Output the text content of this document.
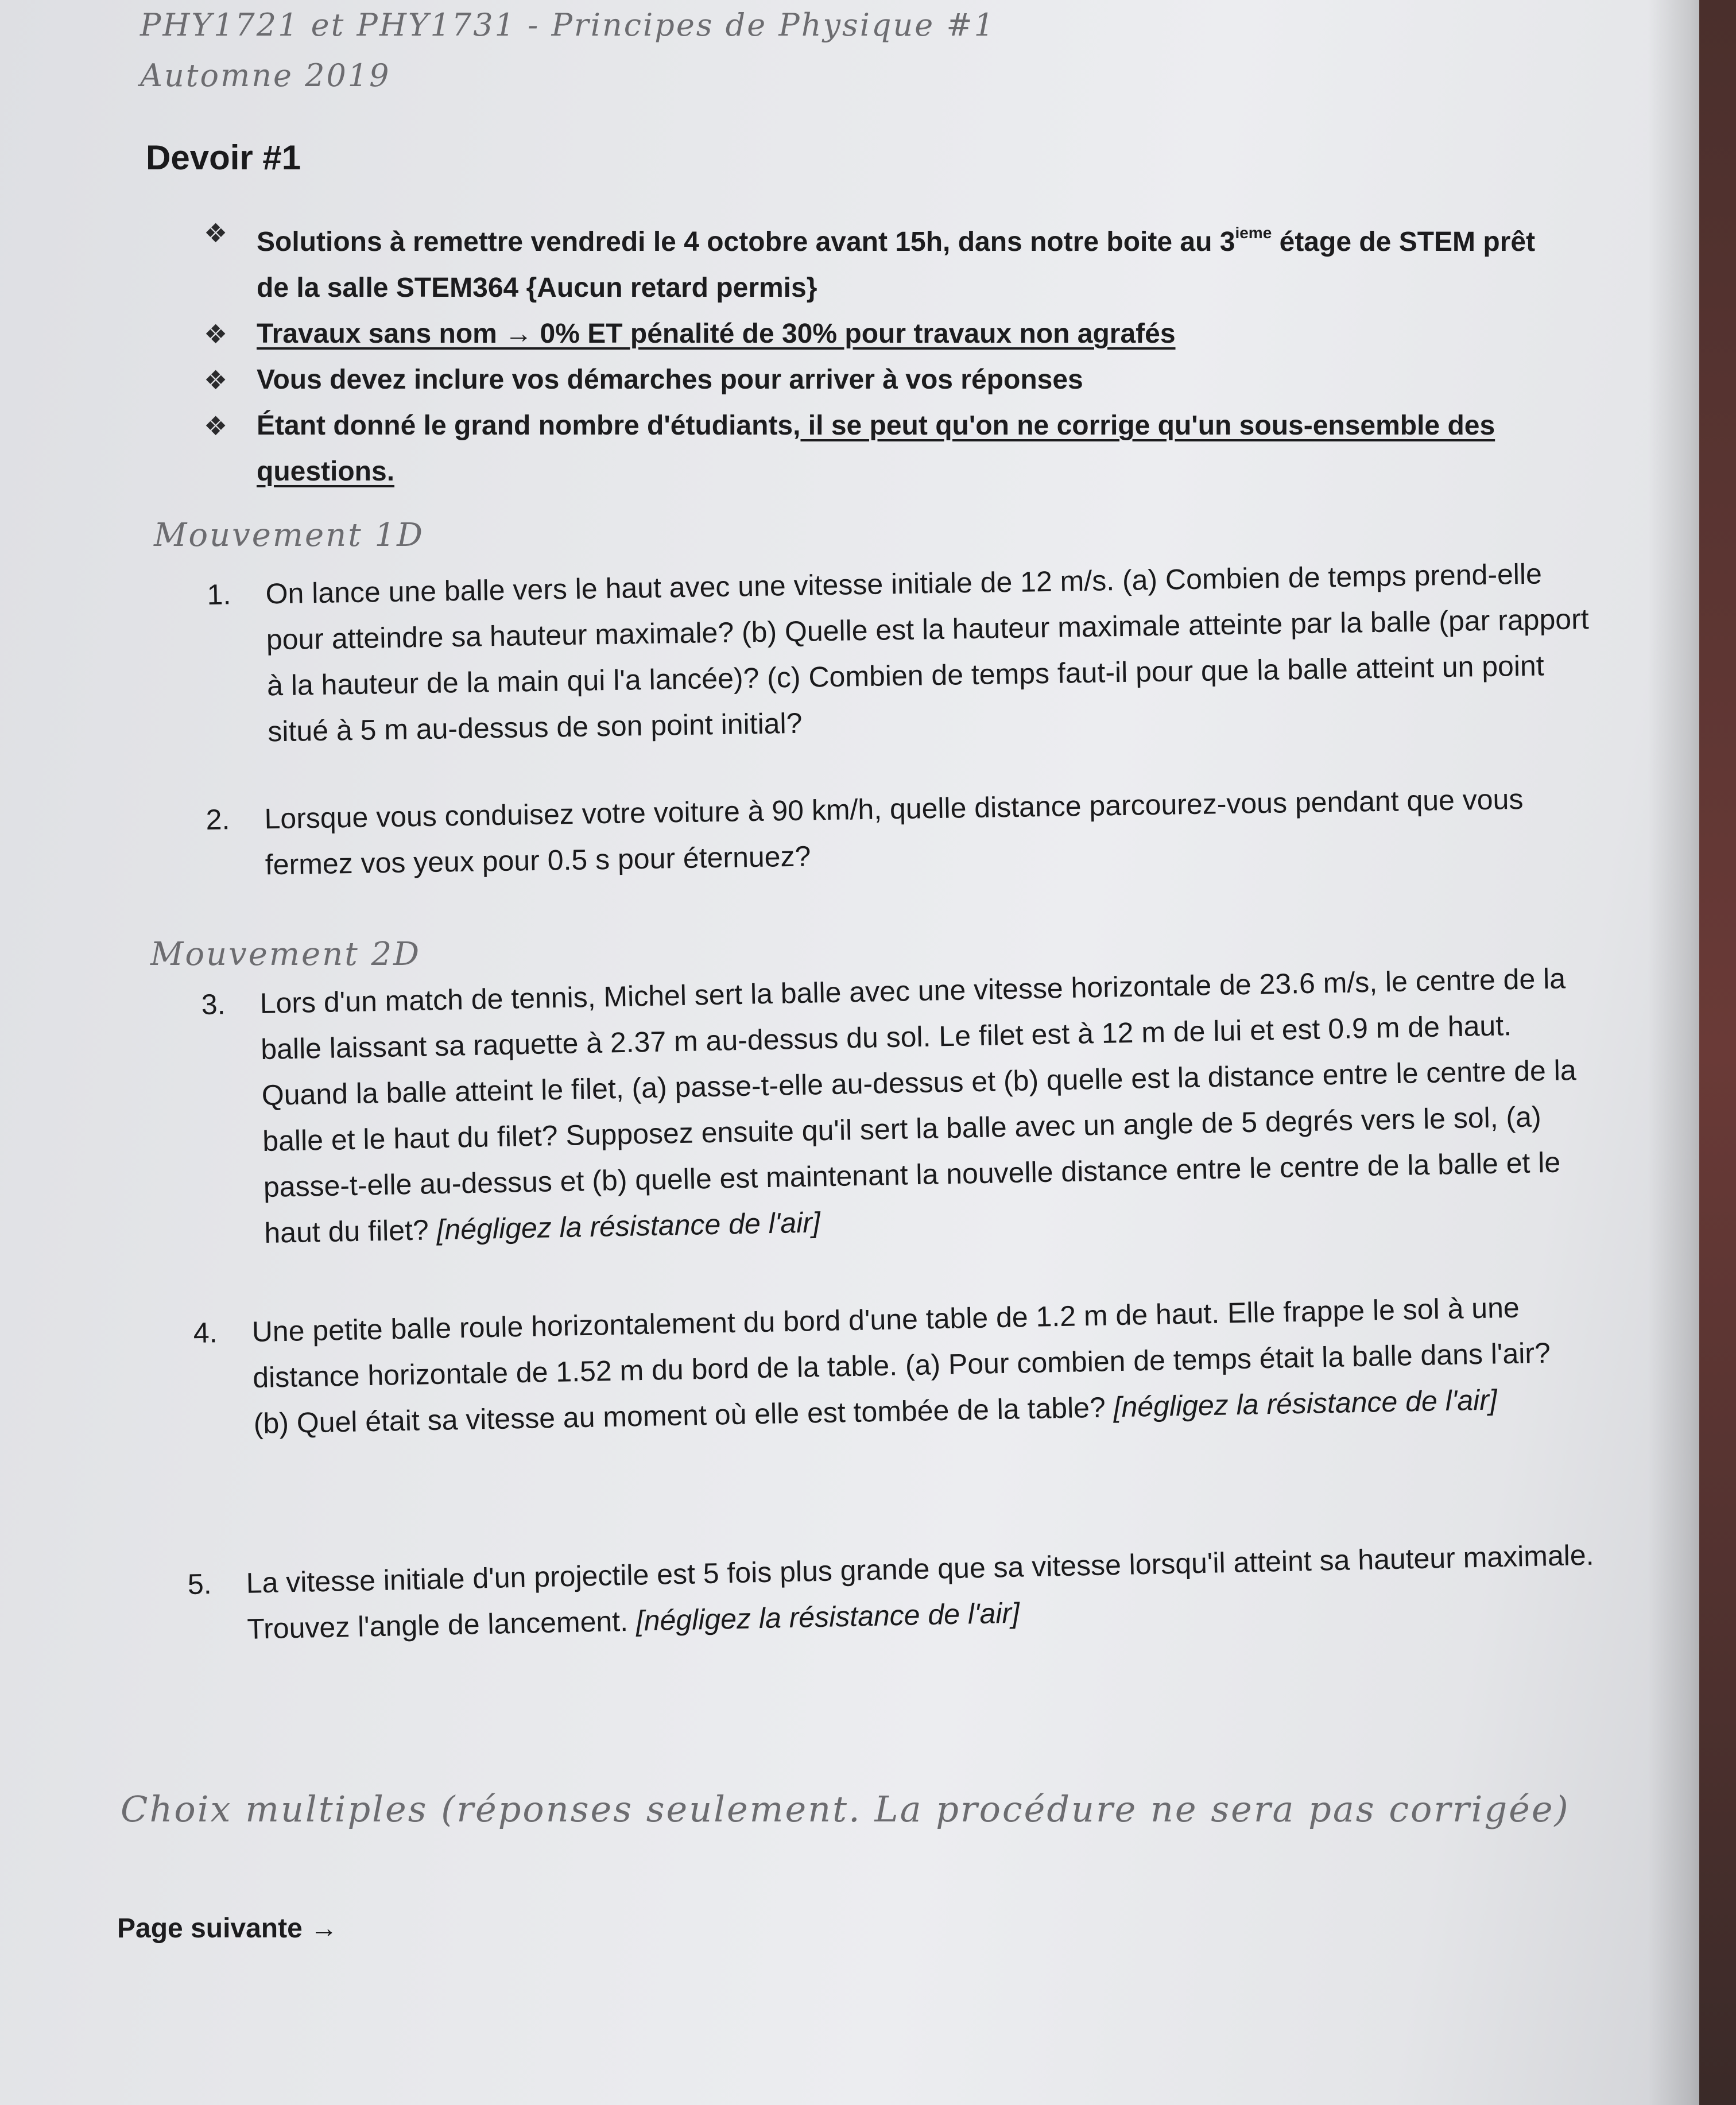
PHY1721 et PHY1731 - Principes de Physique #1
Automne 2019
Devoir #1
❖ Solutions à remettre vendredi le 4 octobre avant 15h, dans notre boite au 3ieme étage de STEM prêt de la salle STEM364 {Aucun retard permis}
❖ Travaux sans nom → 0% ET pénalité de 30% pour travaux non agrafés
❖ Vous devez inclure vos démarches pour arriver à vos réponses
❖ Étant donné le grand nombre d'étudiants, il se peut qu'on ne corrige qu'un sous-ensemble des questions.
Mouvement 1D
1.	On lance une balle vers le haut avec une vitesse initiale de 12 m/s. (a) Combien de temps prend-elle pour atteindre sa hauteur maximale? (b) Quelle est la hauteur maximale atteinte par la balle (par rapport à la hauteur de la main qui l'a lancée)? (c) Combien de temps faut-il pour que la balle atteint un point situé à 5 m au-dessus de son point initial?
2.	Lorsque vous conduisez votre voiture à 90 km/h, quelle distance parcourez-vous pendant que vous fermez vos yeux pour 0.5 s pour éternuez?
Mouvement 2D
3.	Lors d'un match de tennis, Michel sert la balle avec une vitesse horizontale de 23.6 m/s, le centre de la balle laissant sa raquette à 2.37 m au-dessus du sol. Le filet est à 12 m de lui et est 0.9 m de haut. Quand la balle atteint le filet, (a) passe-t-elle au-dessus et (b) quelle est la distance entre le centre de la balle et le haut du filet? Supposez ensuite qu'il sert la balle avec un angle de 5 degrés vers le sol, (a) passe-t-elle au-dessus et (b) quelle est maintenant la nouvelle distance entre le centre de la balle et le haut du filet? [négligez la résistance de l'air]
4.	Une petite balle roule horizontalement du bord d'une table de 1.2 m de haut. Elle frappe le sol à une distance horizontale de 1.52 m du bord de la table. (a) Pour combien de temps était la balle dans l'air? (b) Quel était sa vitesse au moment où elle est tombée de la table? [négligez la résistance de l'air]
5.	La vitesse initiale d'un projectile est 5 fois plus grande que sa vitesse lorsqu'il atteint sa hauteur maximale. Trouvez l'angle de lancement. [négligez la résistance de l'air]
Choix multiples (réponses seulement. La procédure ne sera pas corrigée)
Page suivante →
